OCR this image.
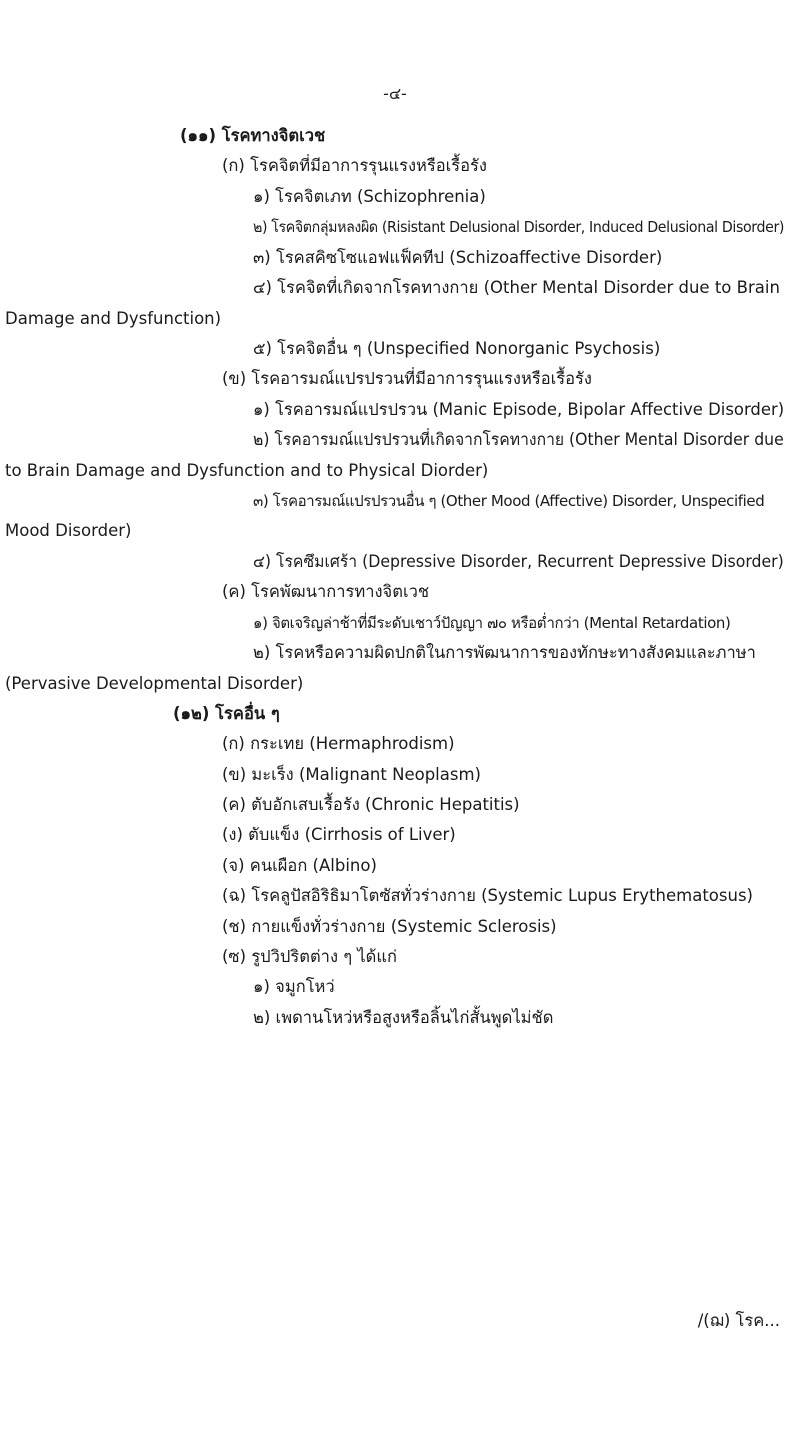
-๔-
(๑๑) โรคทางจิตเวช
(ก) โรคจิตที่มีอาการรุนแรงหรือเรื้อรัง
๑) โรคจิตเภท (Schizophrenia)
๒) โรคจิตกลุ่มหลงผิด (Risistant Delusional Disorder, Induced Delusional Disorder)
๓) โรคสคิซโซแอฟแฟ็คทีป (Schizoaffective Disorder)
๔) โรคจิตที่เกิดจากโรคทางกาย (Other Mental Disorder due to Brain
Damage and Dysfunction)
๕) โรคจิตอื่น ๆ (Unspecified Nonorganic Psychosis)
(ข) โรคอารมณ์แปรปรวนที่มีอาการรุนแรงหรือเรื้อรัง
๑) โรคอารมณ์แปรปรวน (Manic Episode, Bipolar Affective Disorder)
๒) โรคอารมณ์แปรปรวนที่เกิดจากโรคทางกาย (Other Mental Disorder due
to Brain Damage and Dysfunction and to Physical Diorder)
๓) โรคอารมณ์แปรปรวนอื่น ๆ (Other Mood (Affective) Disorder, Unspecified
Mood Disorder)
๔) โรคซึมเศร้า (Depressive Disorder, Recurrent Depressive Disorder)
(ค) โรคพัฒนาการทางจิตเวช
๑) จิตเจริญล่าช้าที่มีระดับเชาว์ปัญญา ๗๐ หรือต่ำกว่า (Mental Retardation)
๒) โรคหรือความผิดปกติในการพัฒนาการของทักษะทางสังคมและภาษา
(Pervasive Developmental Disorder)
(๑๒) โรคอื่น ๆ
(ก) กระเทย (Hermaphrodism)
(ข) มะเร็ง (Malignant Neoplasm)
(ค) ตับอักเสบเรื้อรัง (Chronic Hepatitis)
(ง) ตับแข็ง (Cirrhosis of Liver)
(จ) คนเผือก (Albino)
(ฉ) โรคลูปัสอิริธิมาโตซัสทั่วร่างกาย (Systemic Lupus Erythematosus)
(ช) กายแข็งทั่วร่างกาย (Systemic Sclerosis)
(ซ) รูปวิปริตต่าง ๆ ได้แก่
๑) จมูกโหว่
๒) เพดานโหว่หรือสูงหรือลิ้นไก่สั้นพูดไม่ชัด
/(ฌ) โรค...
